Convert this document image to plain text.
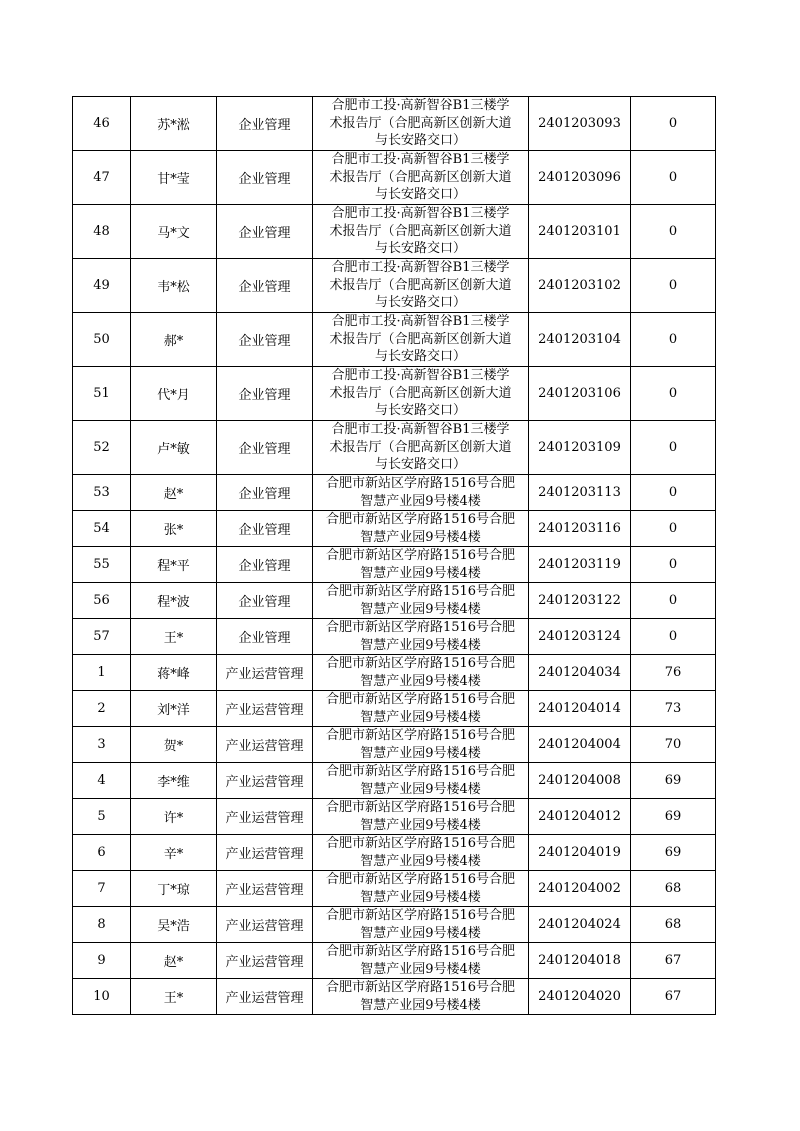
46	苏*淞	企业管理	合肥市工投·高新智谷B1三楼学
术报告厅（合肥高新区创新大道
与长安路交口）	2401203093	0
47	甘*莹	企业管理	合肥市工投·高新智谷B1三楼学
术报告厅（合肥高新区创新大道
与长安路交口）	2401203096	0
48	马*文	企业管理	合肥市工投·高新智谷B1三楼学
术报告厅（合肥高新区创新大道
与长安路交口）	2401203101	0
49	韦*松	企业管理	合肥市工投·高新智谷B1三楼学
术报告厅（合肥高新区创新大道
与长安路交口）	2401203102	0
50	郝*	企业管理	合肥市工投·高新智谷B1三楼学
术报告厅（合肥高新区创新大道
与长安路交口）	2401203104	0
51	代*月	企业管理	合肥市工投·高新智谷B1三楼学
术报告厅（合肥高新区创新大道
与长安路交口）	2401203106	0
52	卢*敏	企业管理	合肥市工投·高新智谷B1三楼学
术报告厅（合肥高新区创新大道
与长安路交口）	2401203109	0
53	赵*	企业管理	合肥市新站区学府路1516号合肥
智慧产业园9号楼4楼	2401203113	0
54	张*	企业管理	合肥市新站区学府路1516号合肥
智慧产业园9号楼4楼	2401203116	0
55	程*平	企业管理	合肥市新站区学府路1516号合肥
智慧产业园9号楼4楼	2401203119	0
56	程*波	企业管理	合肥市新站区学府路1516号合肥
智慧产业园9号楼4楼	2401203122	0
57	王*	企业管理	合肥市新站区学府路1516号合肥
智慧产业园9号楼4楼	2401203124	0
1	蒋*峰	产业运营管理	合肥市新站区学府路1516号合肥
智慧产业园9号楼4楼	2401204034	76
2	刘*洋	产业运营管理	合肥市新站区学府路1516号合肥
智慧产业园9号楼4楼	2401204014	73
3	贺*	产业运营管理	合肥市新站区学府路1516号合肥
智慧产业园9号楼4楼	2401204004	70
4	李*维	产业运营管理	合肥市新站区学府路1516号合肥
智慧产业园9号楼4楼	2401204008	69
5	许*	产业运营管理	合肥市新站区学府路1516号合肥
智慧产业园9号楼4楼	2401204012	69
6	辛*	产业运营管理	合肥市新站区学府路1516号合肥
智慧产业园9号楼4楼	2401204019	69
7	丁*琼	产业运营管理	合肥市新站区学府路1516号合肥
智慧产业园9号楼4楼	2401204002	68
8	吴*浩	产业运营管理	合肥市新站区学府路1516号合肥
智慧产业园9号楼4楼	2401204024	68
9	赵*	产业运营管理	合肥市新站区学府路1516号合肥
智慧产业园9号楼4楼	2401204018	67
10	王*	产业运营管理	合肥市新站区学府路1516号合肥
智慧产业园9号楼4楼	2401204020	67
